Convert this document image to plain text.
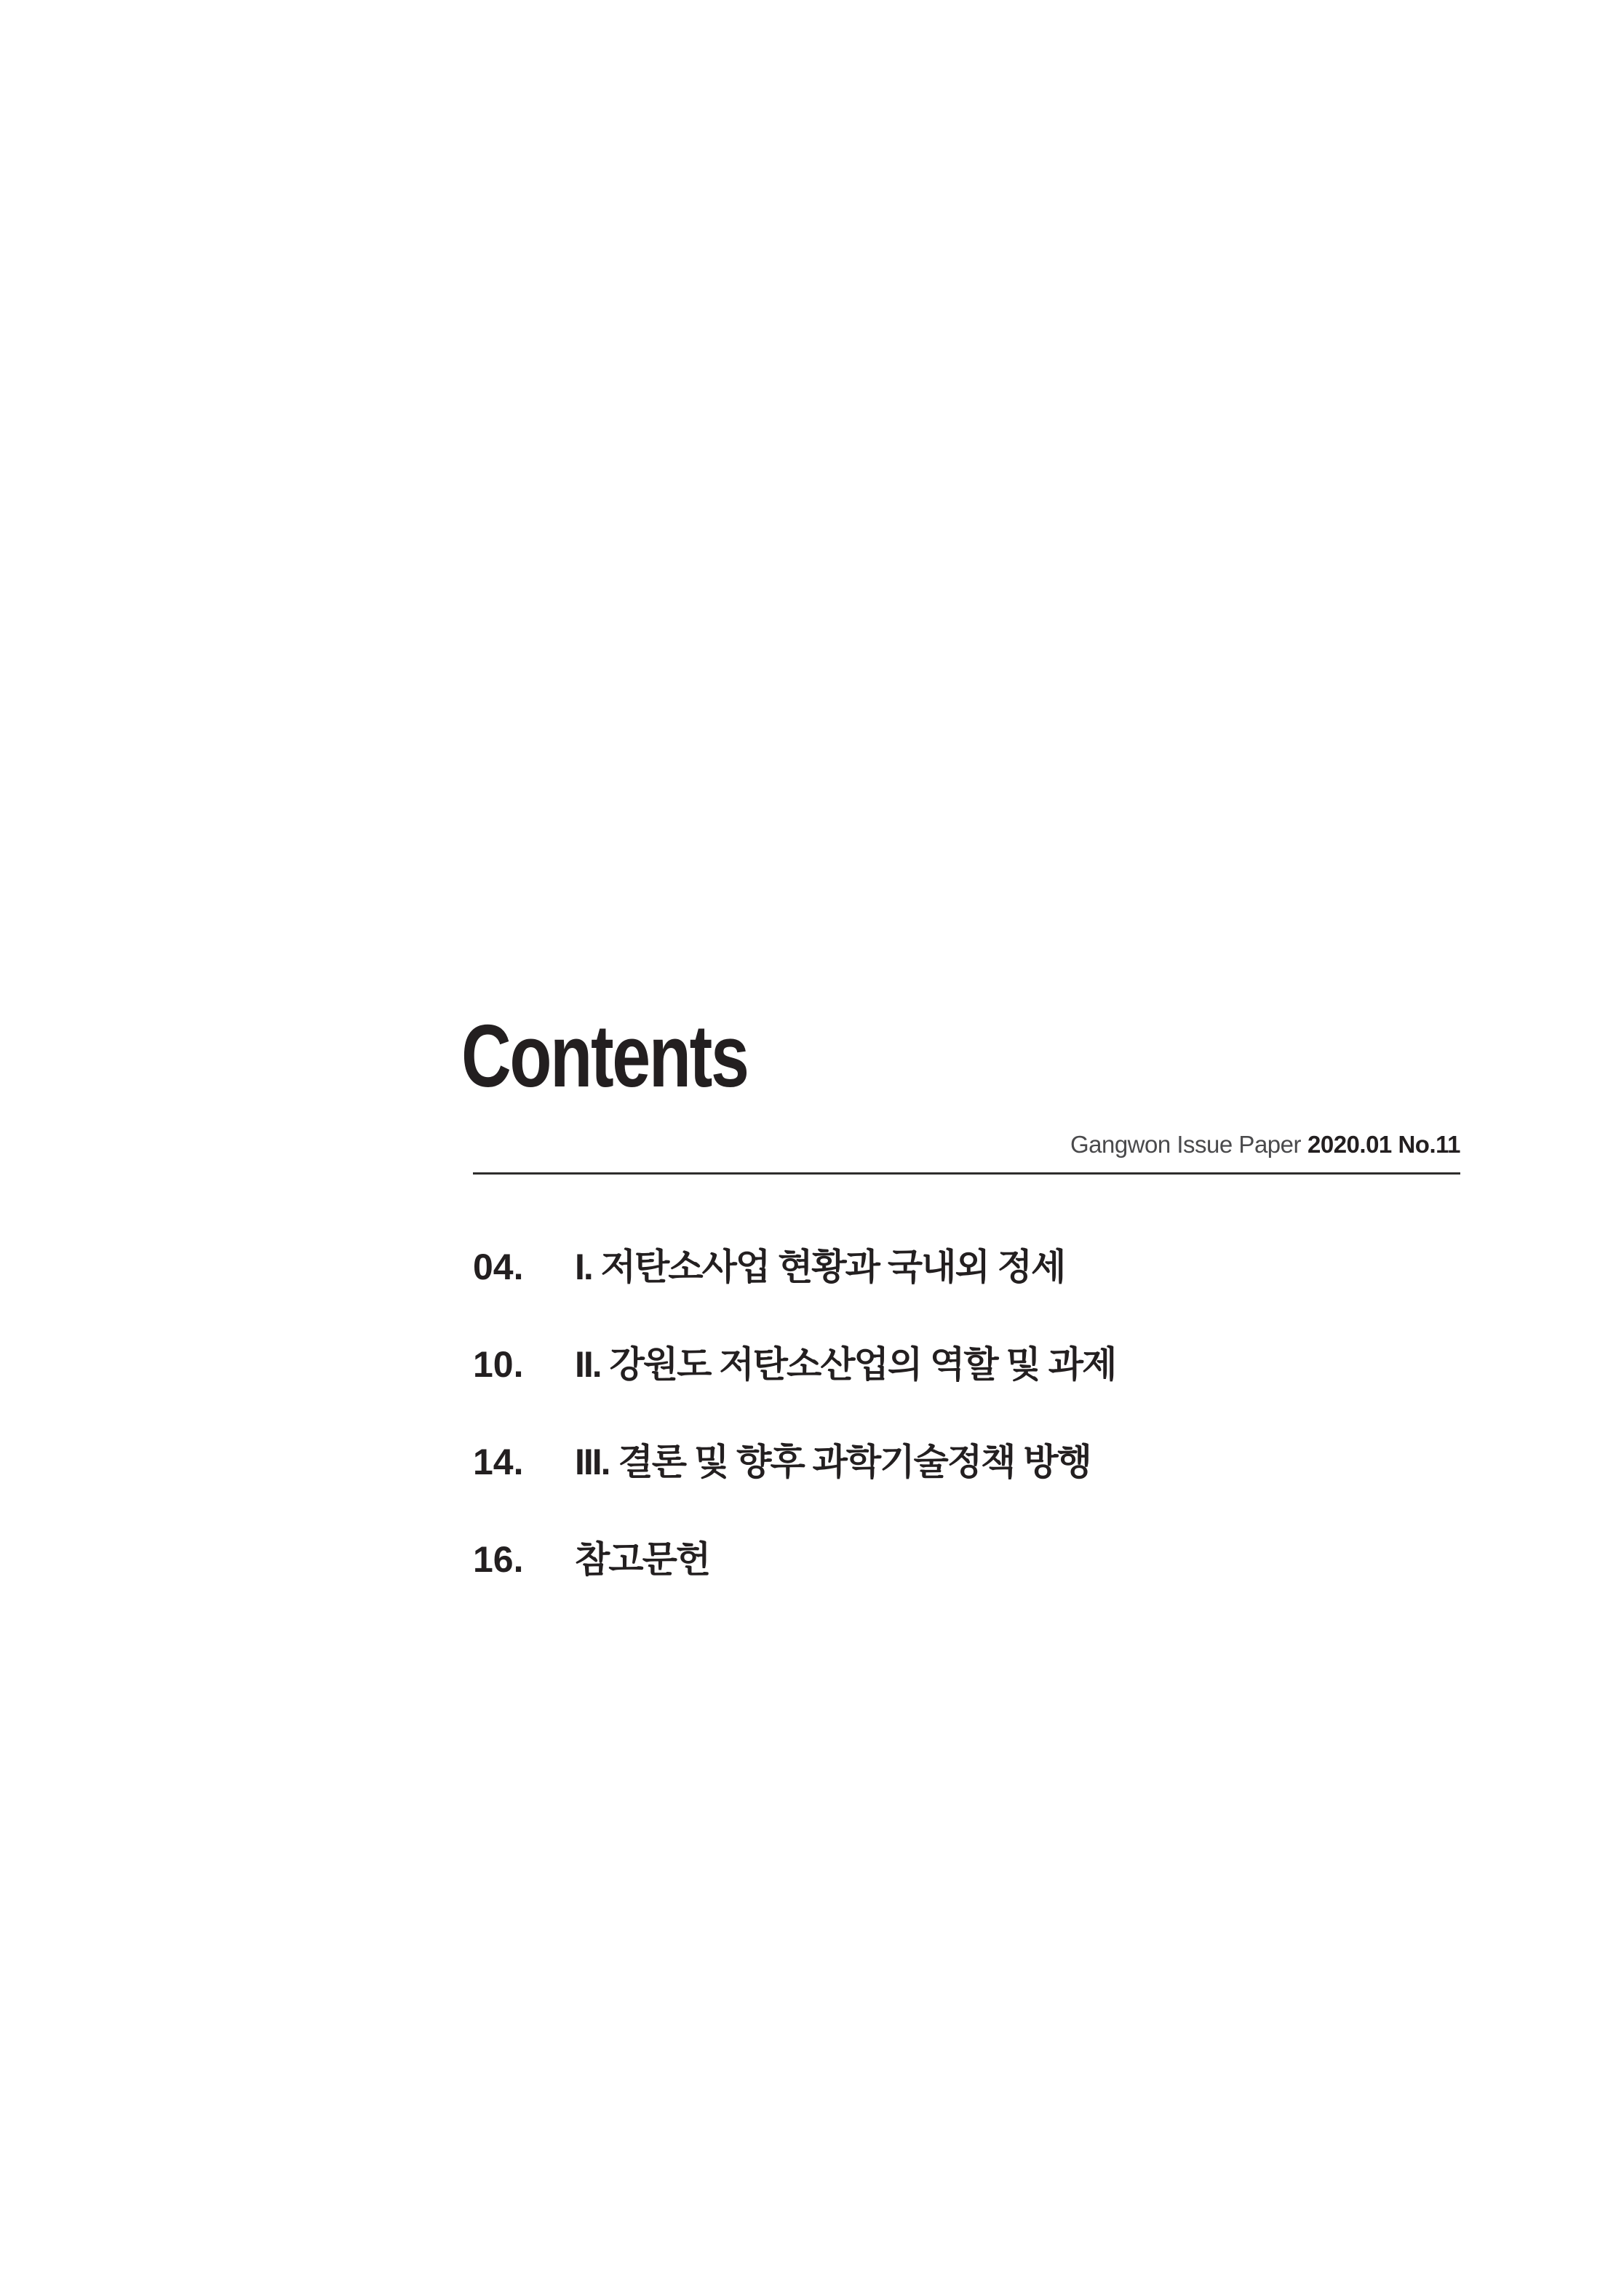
Contents
Gangwon Issue Paper 2020.01 No.11
04. I. 저탄소사업 현황과 국내외 정세
10. II. 강원도 저탄소산업의 역할 및 과제
14. III. 결론 및 향후 과학기술정책 방행
16. 참고문헌
